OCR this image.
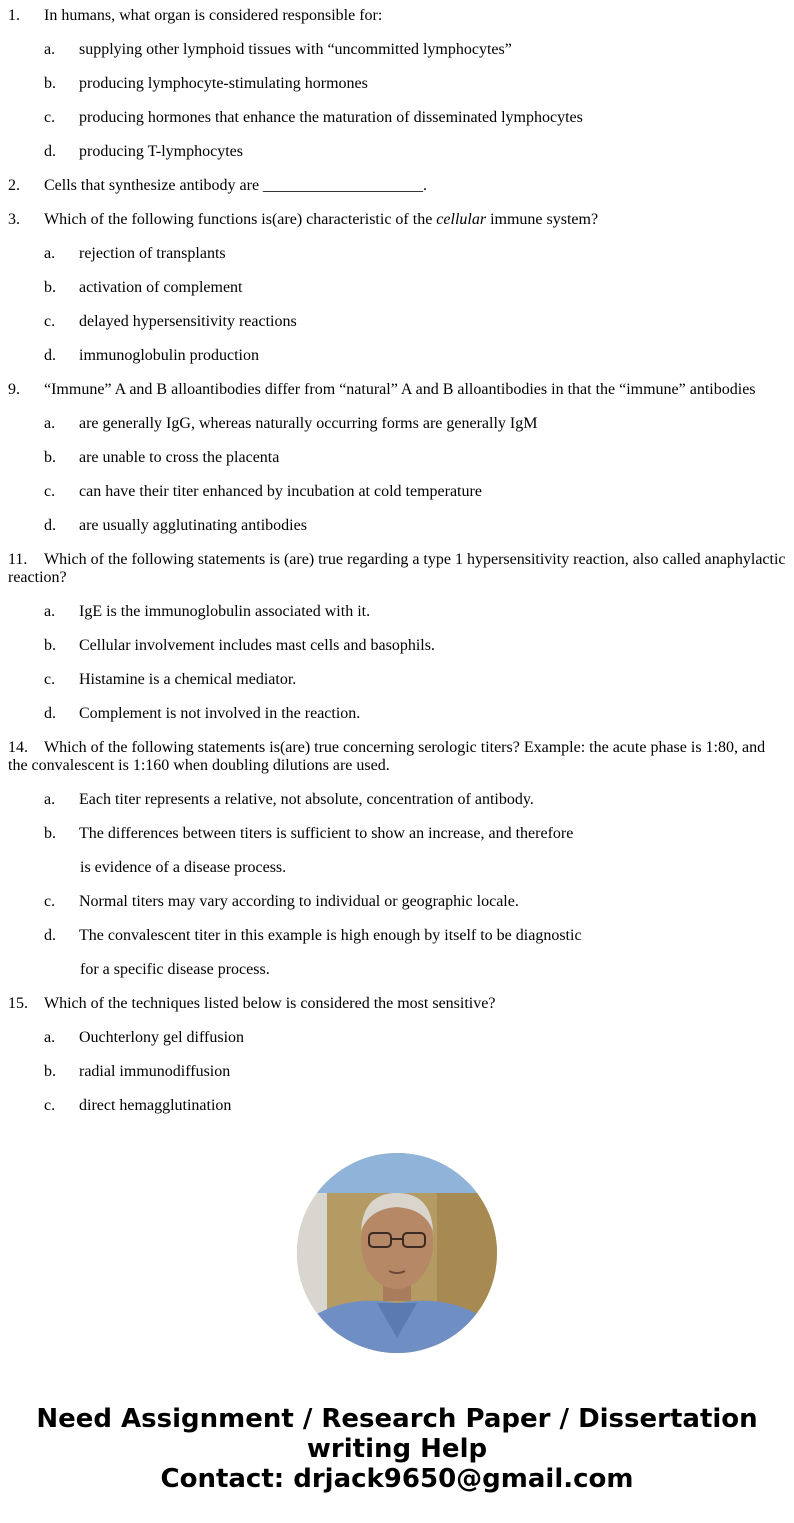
1. In humans, what organ is considered responsible for:
a. supplying other lymphoid tissues with “uncommitted lymphocytes”
b. producing lymphocyte-stimulating hormones
c. producing hormones that enhance the maturation of disseminated lymphocytes
d. producing T-lymphocytes
2. Cells that synthesize antibody are ____________________.
3. Which of the following functions is(are) characteristic of the cellular immune system?
a. rejection of transplants
b. activation of complement
c. delayed hypersensitivity reactions
d. immunoglobulin production
9. “Immune” A and B alloantibodies differ from “natural” A and B alloantibodies in that the “immune” antibodies
a. are generally IgG, whereas naturally occurring forms are generally IgM
b. are unable to cross the placenta
c. can have their titer enhanced by incubation at cold temperature
d. are usually agglutinating antibodies
11. Which of the following statements is (are) true regarding a type 1 hypersensitivity reaction, also called anaphylactic reaction?
a. IgE is the immunoglobulin associated with it.
b. Cellular involvement includes mast cells and basophils.
c. Histamine is a chemical mediator.
d. Complement is not involved in the reaction.
14. Which of the following statements is(are) true concerning serologic titers? Example: the acute phase is 1:80, and the convalescent is 1:160 when doubling dilutions are used.
a. Each titer represents a relative, not absolute, concentration of antibody.
b. The differences between titers is sufficient to show an increase, and therefore
is evidence of a disease process.
c. Normal titers may vary according to individual or geographic locale.
d. The convalescent titer in this example is high enough by itself to be diagnostic
for a specific disease process.
15. Which of the techniques listed below is considered the most sensitive?
a. Ouchterlony gel diffusion
b. radial immunodiffusion
c. direct hemagglutination
Need Assignment / Research Paper / Dissertation
writing Help
Contact: drjack9650@gmail.com
